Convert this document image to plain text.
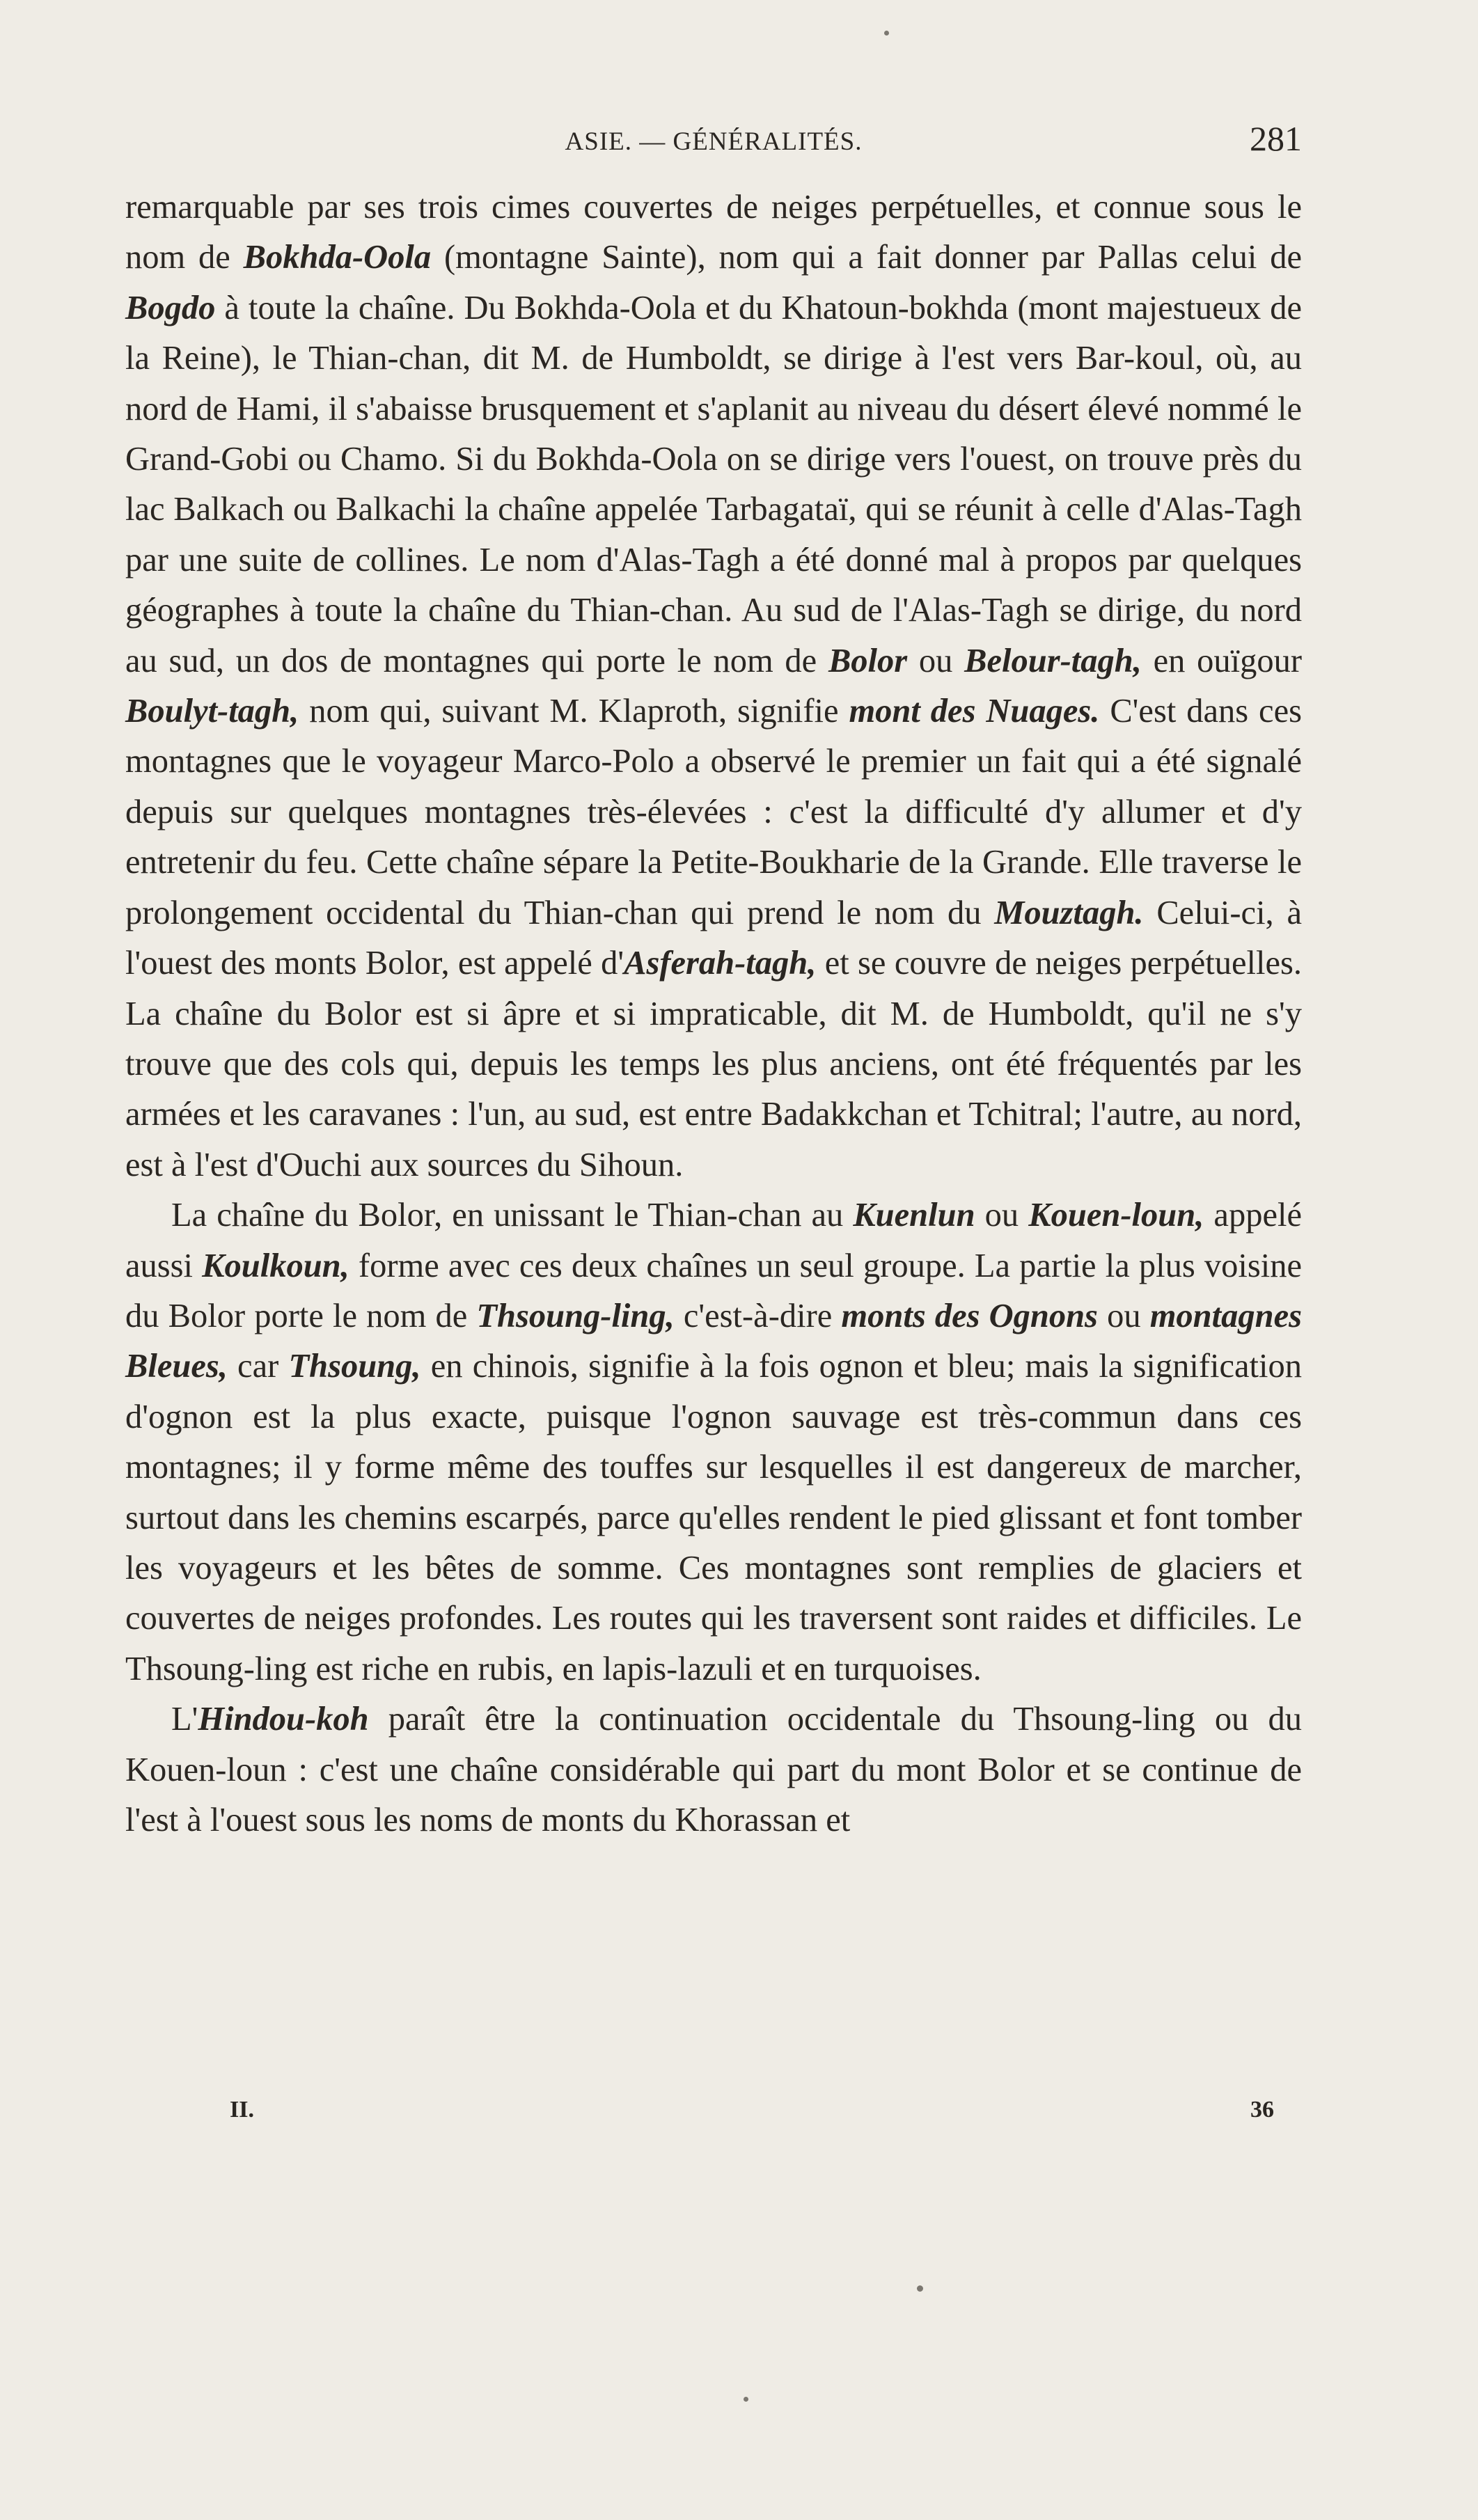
ASIE. — GÉNÉRALITÉS.	281

remarquable par ses trois cimes couvertes de neiges perpétuelles, et connue sous le nom de Bokhda-Oola (montagne Sainte), nom qui a fait donner par Pallas celui de Bogdo à toute la chaîne. Du Bokhda-Oola et du Khatoun-bokhda (mont majestueux de la Reine), le Thian-chan, dit M. de Humboldt, se dirige à l'est vers Bar-koul, où, au nord de Hami, il s'abaisse brusquement et s'aplanit au niveau du désert élevé nommé le Grand-Gobi ou Chamo. Si du Bokhda-Oola on se dirige vers l'ouest, on trouve près du lac Balkach ou Balkachi la chaîne appelée Tarbagataï, qui se réunit à celle d'Alas-Tagh par une suite de collines. Le nom d'Alas-Tagh a été donné mal à propos par quelques géographes à toute la chaîne du Thian-chan. Au sud de l'Alas-Tagh se dirige, du nord au sud, un dos de montagnes qui porte le nom de Bolor ou Belour-tagh, en ouïgour Boulyt-tagh, nom qui, suivant M. Klaproth, signifie mont des Nuages. C'est dans ces montagnes que le voyageur Marco-Polo a observé le premier un fait qui a été signalé depuis sur quelques montagnes très-élevées : c'est la difficulté d'y allumer et d'y entretenir du feu. Cette chaîne sépare la Petite-Boukharie de la Grande. Elle traverse le prolongement occidental du Thian-chan qui prend le nom du Mouztagh. Celui-ci, à l'ouest des monts Bolor, est appelé d'Asferah-tagh, et se couvre de neiges perpétuelles. La chaîne du Bolor est si âpre et si impraticable, dit M. de Humboldt, qu'il ne s'y trouve que des cols qui, depuis les temps les plus anciens, ont été fréquentés par les armées et les caravanes : l'un, au sud, est entre Badakkchan et Tchitral; l'autre, au nord, est à l'est d'Ouchi aux sources du Sihoun.

La chaîne du Bolor, en unissant le Thian-chan au Kuenlun ou Kouen-loun, appelé aussi Koulkoun, forme avec ces deux chaînes un seul groupe. La partie la plus voisine du Bolor porte le nom de Thsoung-ling, c'est-à-dire monts des Ognons ou montagnes Bleues, car Thsoung, en chinois, signifie à la fois ognon et bleu; mais la signification d'ognon est la plus exacte, puisque l'ognon sauvage est très-commun dans ces montagnes; il y forme même des touffes sur lesquelles il est dangereux de marcher, surtout dans les chemins escarpés, parce qu'elles rendent le pied glissant et font tomber les voyageurs et les bêtes de somme. Ces montagnes sont remplies de glaciers et couvertes de neiges profondes. Les routes qui les traversent sont raides et difficiles. Le Thsoung-ling est riche en rubis, en lapis-lazuli et en turquoises.

L'Hindou-koh paraît être la continuation occidentale du Thsoung-ling ou du Kouen-loun : c'est une chaîne considérable qui part du mont Bolor et se continue de l'est à l'ouest sous les noms de monts du Khorassan et

II.	36
